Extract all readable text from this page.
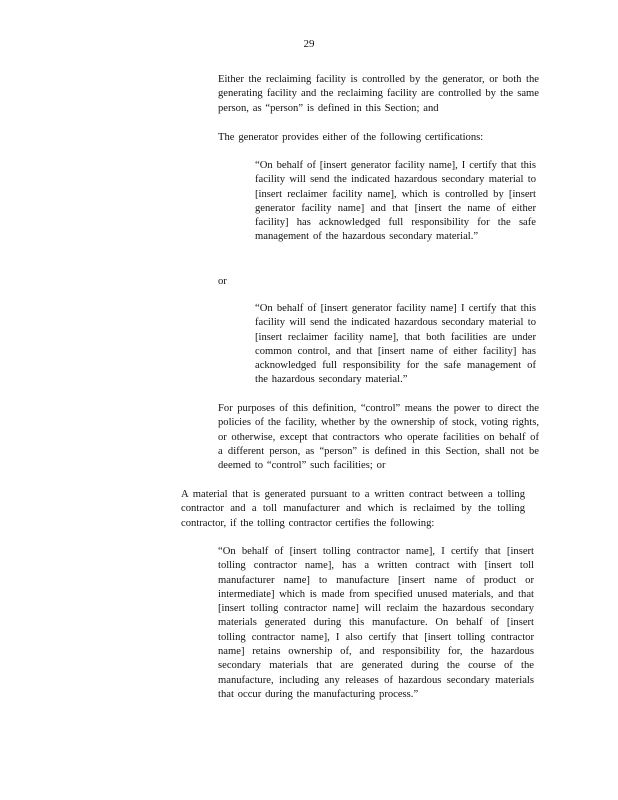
29

Either the reclaiming facility is controlled by the generator, or both the generating facility and the reclaiming facility are controlled by the same person, as “person” is defined in this Section; and

The generator provides either of the following certifications:

“On behalf of [insert generator facility name], I certify that this facility will send the indicated hazardous secondary material to [insert reclaimer facility name], which is controlled by [insert generator facility name] and that [insert the name of either facility] has acknowledged full responsibility for the safe management of the hazardous secondary material.”

or

“On behalf of [insert generator facility name] I certify that this facility will send the indicated hazardous secondary material to [insert reclaimer facility name], that both facilities are under common control, and that [insert name of either facility] has acknowledged full responsibility for the safe management of the hazardous secondary material.”

For purposes of this definition, “control” means the power to direct the policies of the facility, whether by the ownership of stock, voting rights, or otherwise, except that contractors who operate facilities on behalf of a different person, as “person” is defined in this Section, shall not be deemed to “control” such facilities; or

A material that is generated pursuant to a written contract between a tolling contractor and a toll manufacturer and which is reclaimed by the tolling contractor, if the tolling contractor certifies the following:

“On behalf of [insert tolling contractor name], I certify that [insert tolling contractor name], has a written contract with [insert toll manufacturer name] to manufacture [insert name of product or intermediate] which is made from specified unused materials, and that [insert tolling contractor name] will reclaim the hazardous secondary materials generated during this manufacture. On behalf of [insert tolling contractor name], I also certify that [insert tolling contractor name] retains ownership of, and responsibility for, the hazardous secondary materials that are generated during the course of the manufacture, including any releases of hazardous secondary materials that occur during the manufacturing process.”
